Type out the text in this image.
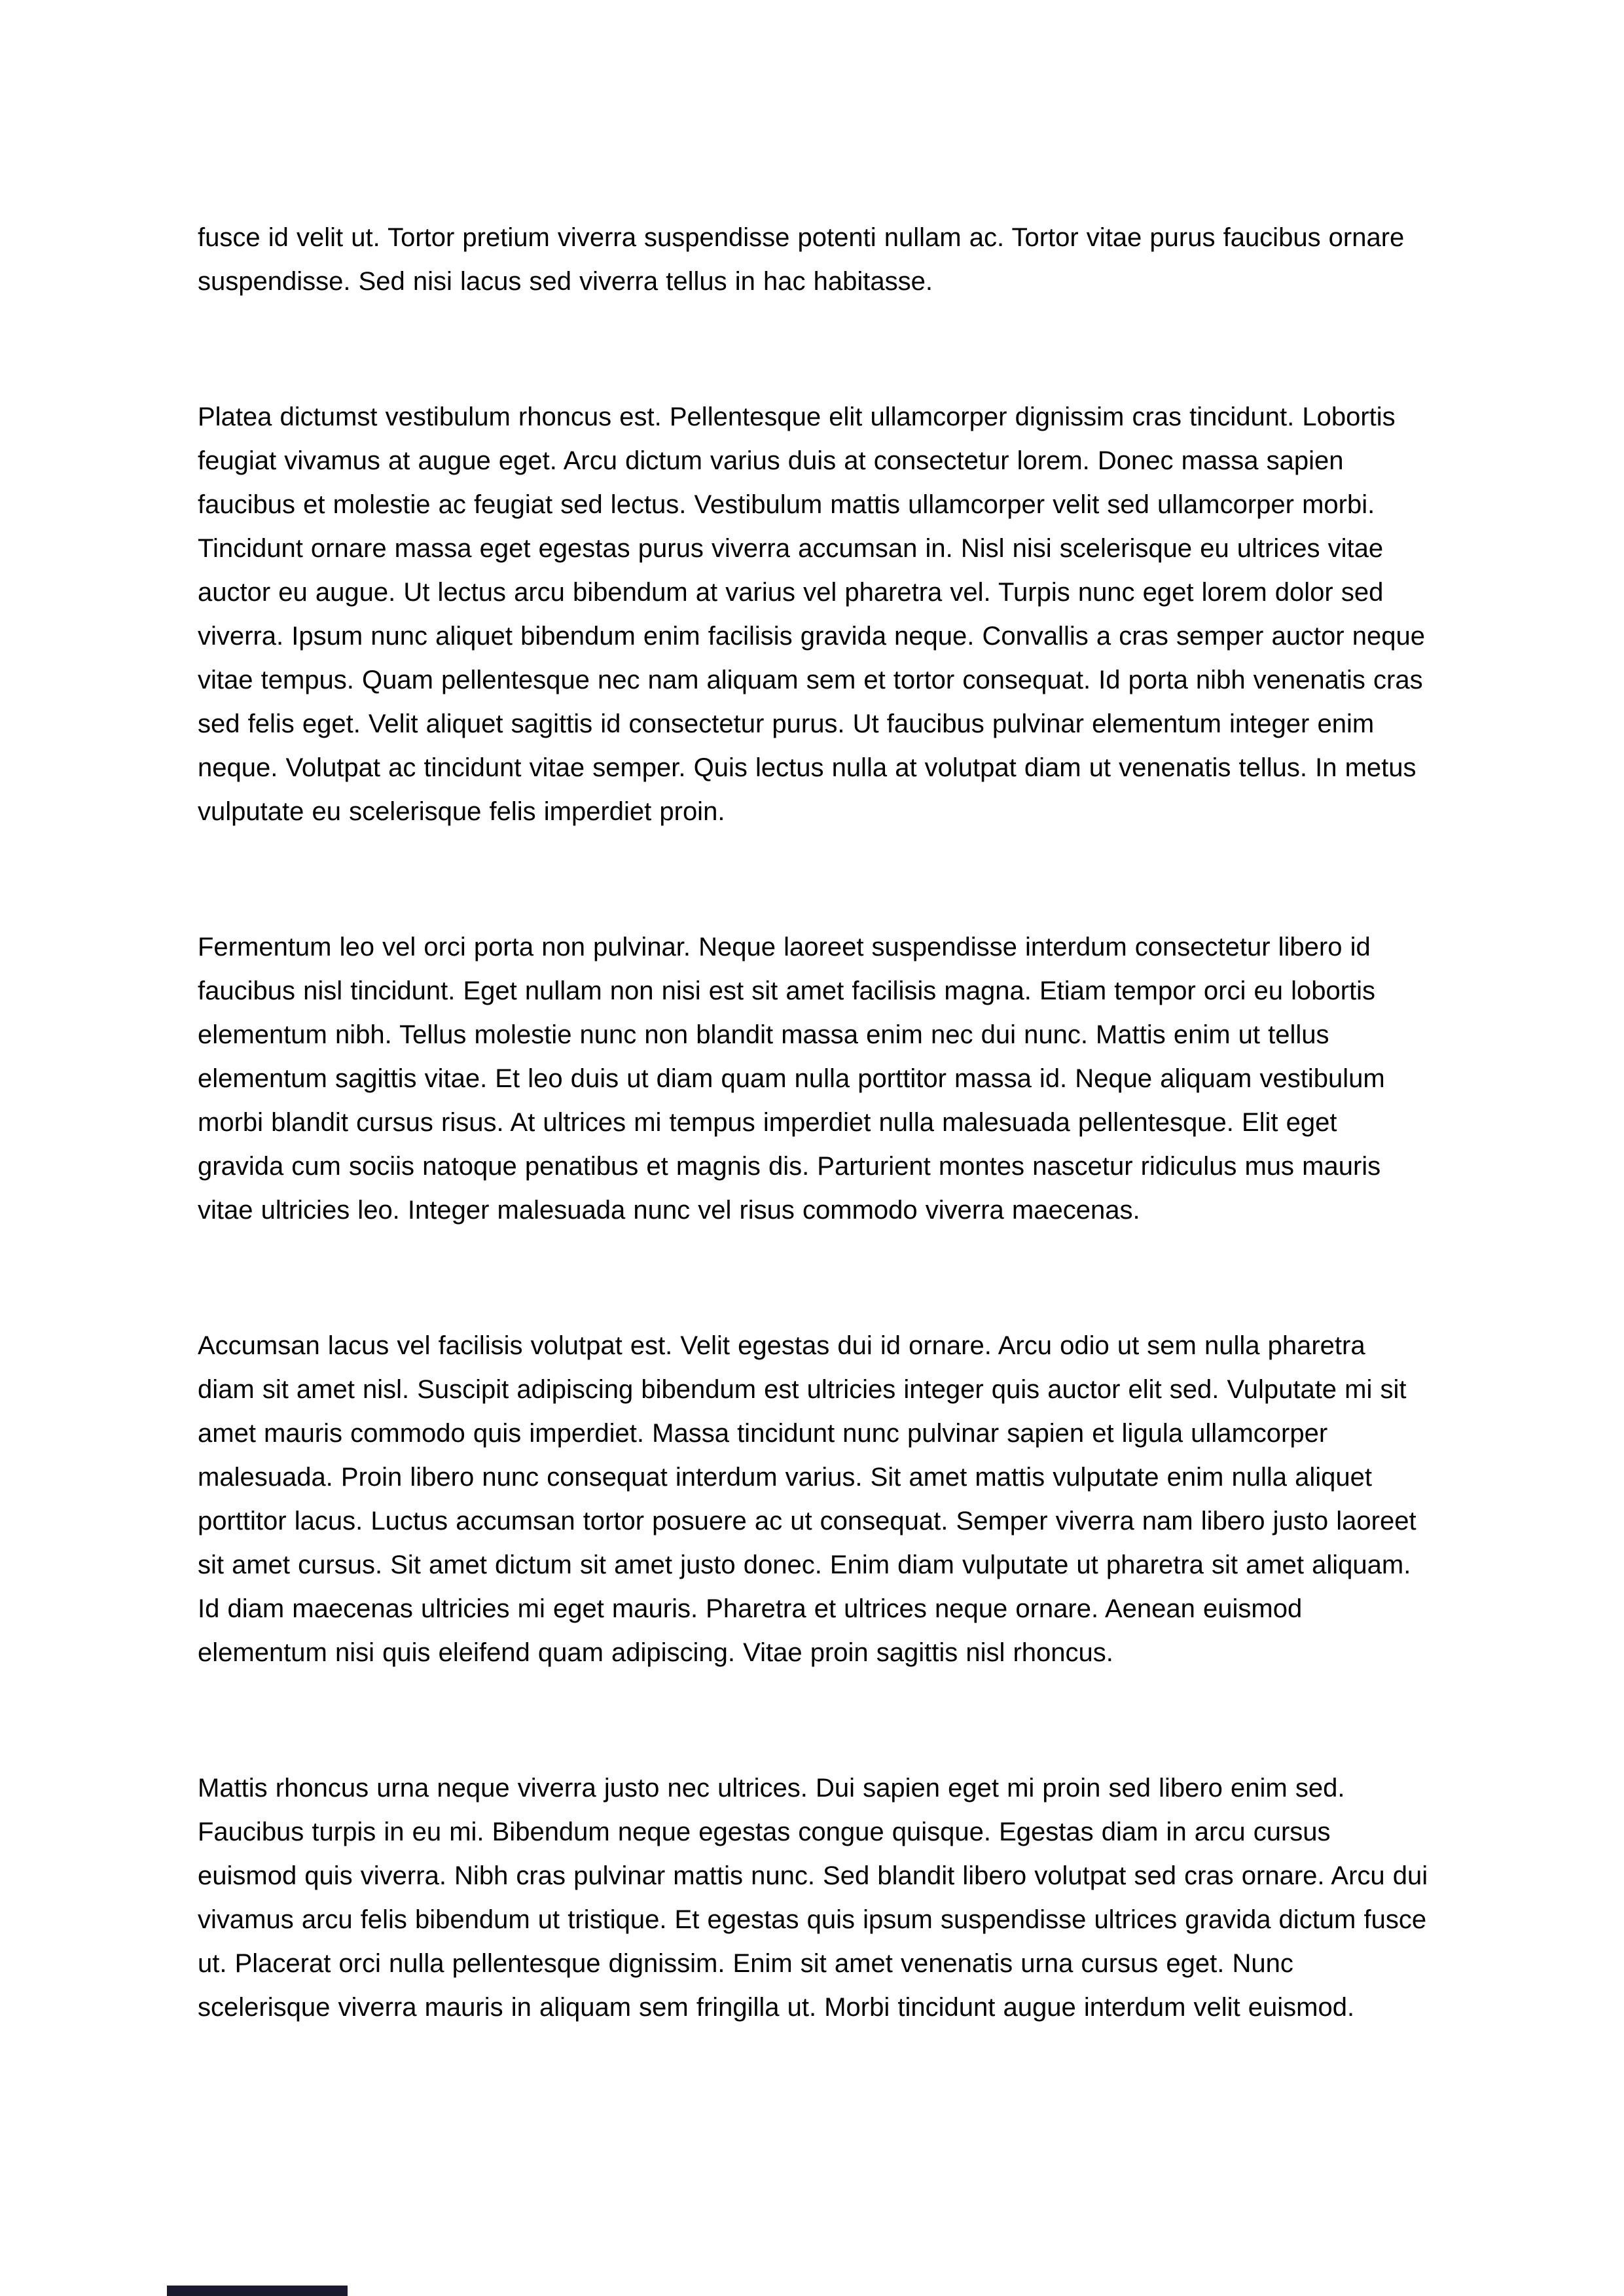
fusce id velit ut. Tortor pretium viverra suspendisse potenti nullam ac. Tortor vitae purus faucibus ornare suspendisse. Sed nisi lacus sed viverra tellus in hac habitasse.

Platea dictumst vestibulum rhoncus est. Pellentesque elit ullamcorper dignissim cras tincidunt. Lobortis feugiat vivamus at augue eget. Arcu dictum varius duis at consectetur lorem. Donec massa sapien faucibus et molestie ac feugiat sed lectus. Vestibulum mattis ullamcorper velit sed ullamcorper morbi. Tincidunt ornare massa eget egestas purus viverra accumsan in. Nisl nisi scelerisque eu ultrices vitae auctor eu augue. Ut lectus arcu bibendum at varius vel pharetra vel. Turpis nunc eget lorem dolor sed viverra. Ipsum nunc aliquet bibendum enim facilisis gravida neque. Convallis a cras semper auctor neque vitae tempus. Quam pellentesque nec nam aliquam sem et tortor consequat. Id porta nibh venenatis cras sed felis eget. Velit aliquet sagittis id consectetur purus. Ut faucibus pulvinar elementum integer enim neque. Volutpat ac tincidunt vitae semper. Quis lectus nulla at volutpat diam ut venenatis tellus. In metus vulputate eu scelerisque felis imperdiet proin.

Fermentum leo vel orci porta non pulvinar. Neque laoreet suspendisse interdum consectetur libero id faucibus nisl tincidunt. Eget nullam non nisi est sit amet facilisis magna. Etiam tempor orci eu lobortis elementum nibh. Tellus molestie nunc non blandit massa enim nec dui nunc. Mattis enim ut tellus elementum sagittis vitae. Et leo duis ut diam quam nulla porttitor massa id. Neque aliquam vestibulum morbi blandit cursus risus. At ultrices mi tempus imperdiet nulla malesuada pellentesque. Elit eget gravida cum sociis natoque penatibus et magnis dis. Parturient montes nascetur ridiculus mus mauris vitae ultricies leo. Integer malesuada nunc vel risus commodo viverra maecenas.

Accumsan lacus vel facilisis volutpat est. Velit egestas dui id ornare. Arcu odio ut sem nulla pharetra diam sit amet nisl. Suscipit adipiscing bibendum est ultricies integer quis auctor elit sed. Vulputate mi sit amet mauris commodo quis imperdiet. Massa tincidunt nunc pulvinar sapien et ligula ullamcorper malesuada. Proin libero nunc consequat interdum varius. Sit amet mattis vulputate enim nulla aliquet porttitor lacus. Luctus accumsan tortor posuere ac ut consequat. Semper viverra nam libero justo laoreet sit amet cursus. Sit amet dictum sit amet justo donec. Enim diam vulputate ut pharetra sit amet aliquam. Id diam maecenas ultricies mi eget mauris. Pharetra et ultrices neque ornare. Aenean euismod elementum nisi quis eleifend quam adipiscing. Vitae proin sagittis nisl rhoncus.

Mattis rhoncus urna neque viverra justo nec ultrices. Dui sapien eget mi proin sed libero enim sed. Faucibus turpis in eu mi. Bibendum neque egestas congue quisque. Egestas diam in arcu cursus euismod quis viverra. Nibh cras pulvinar mattis nunc. Sed blandit libero volutpat sed cras ornare. Arcu dui vivamus arcu felis bibendum ut tristique. Et egestas quis ipsum suspendisse ultrices gravida dictum fusce ut. Placerat orci nulla pellentesque dignissim. Enim sit amet venenatis urna cursus eget. Nunc scelerisque viverra mauris in aliquam sem fringilla ut. Morbi tincidunt augue interdum velit euismod.
